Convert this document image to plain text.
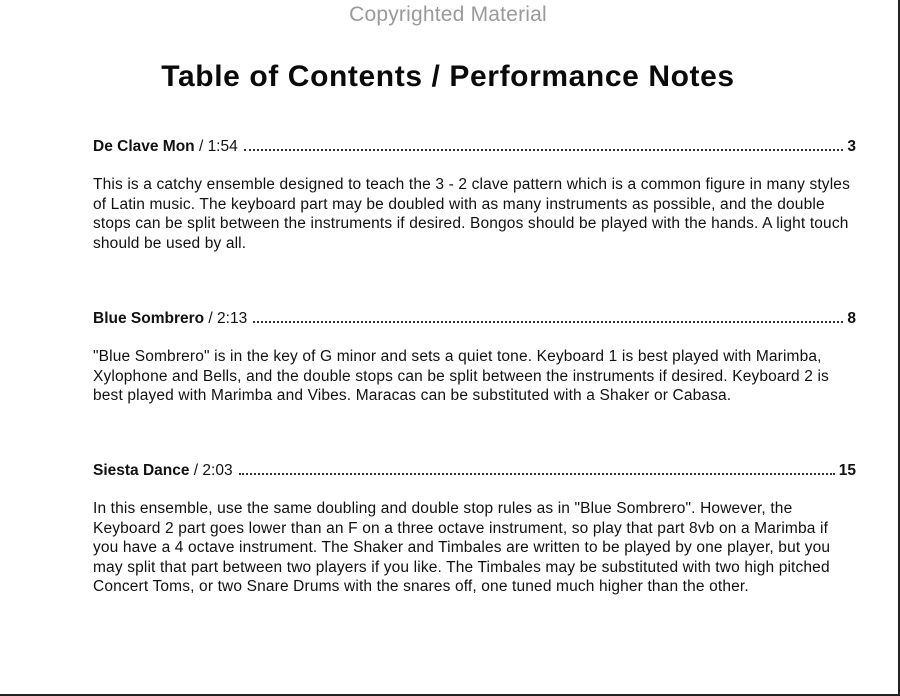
Copyrighted Material
Table of Contents / Performance Notes
De Clave Mon / 1:54	3
This is a catchy ensemble designed to teach the 3 - 2 clave pattern which is a common figure in many styles of Latin music. The keyboard part may be doubled with as many instruments as possible, and the double stops can be split between the instruments if desired. Bongos should be played with the hands. A light touch should be used by all.
Blue Sombrero / 2:13	8
"Blue Sombrero" is in the key of G minor and sets a quiet tone. Keyboard 1 is best played with Marimba, Xylophone and Bells, and the double stops can be split between the instruments if desired. Keyboard 2 is best played with Marimba and Vibes. Maracas can be substituted with a Shaker or Cabasa.
Siesta Dance / 2:03	15
In this ensemble, use the same doubling and double stop rules as in "Blue Sombrero". However, the Keyboard 2 part goes lower than an F on a three octave instrument, so play that part 8vb on a Marimba if you have a 4 octave instrument. The Shaker and Timbales are written to be played by one player, but you may split that part between two players if you like. The Timbales may be substituted with two high pitched Concert Toms, or two Snare Drums with the snares off, one tuned much higher than the other.
